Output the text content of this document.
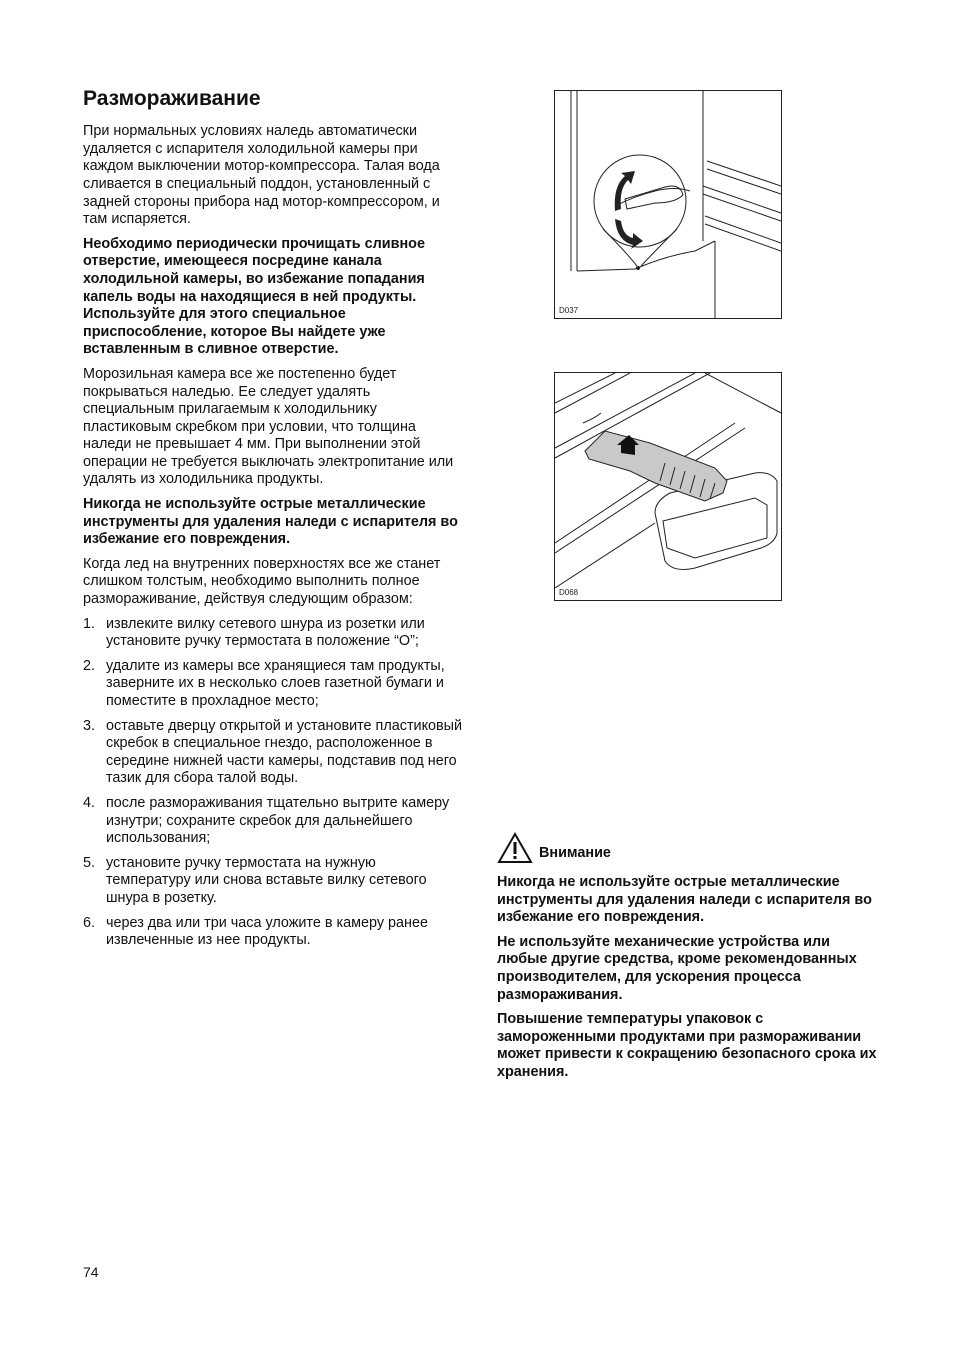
Размораживание

При нормальных условиях наледь автоматически удаляется с испарителя холодильной камеры при каждом выключении мотор-компрессора. Талая вода сливается в специальный поддон, установленный с задней стороны прибора над мотор-компрессором, и там испаряется.

Необходимо периодически прочищать сливное отверстие, имеющееся посредине канала холодильной камеры, во избежание попадания капель воды на находящиеся в ней продукты. Используйте для этого специальное приспособление, которое Вы найдете уже вставленным в сливное отверстие.

Морозильная камера все же постепенно будет покрываться наледью. Ее следует удалять специальным прилагаемым к холодильнику пластиковым скребком при условии, что толщина наледи не превышает 4 мм. При выполнении этой операции не требуется выключать электропитание или удалять из холодильника продукты.

Никогда не используйте острые металлические инструменты для удаления наледи с испарителя во избежание его повреждения.

Когда лед на внутренних поверхностях все же станет слишком толстым, необходимо выполнить полное размораживание, действуя следующим образом:

1. извлеките вилку сетевого шнура из розетки или установите ручку термостата в положение “O”;
2. удалите из камеры все хранящиеся там продукты, заверните их в несколько слоев газетной бумаги и поместите в прохладное место;
3. оставьте дверцу открытой и установите пластиковый скребок в специальное гнездо, расположенное в середине нижней части камеры, подставив под него тазик для сбора талой воды.
4. после размораживания тщательно вытрите камеру изнутри; сохраните скребок для дальнейшего использования;
5. установите ручку термостата на нужную температуру или снова вставьте вилку сетевого шнура в розетку.
6. через два или три часа уложите в камеру ранее извлеченные из нее продукты.
D037
D068
Внимание

Никогда не используйте острые металлические инструменты для удаления наледи с испарителя во избежание его повреждения.

Не используйте механические устройства или любые другие средства, кроме рекомендованных производителем, для ускорения процесса размораживания.

Повышение температуры упаковок с замороженными продуктами при размораживании может привести к сокращению безопасного срока их хранения.

74
